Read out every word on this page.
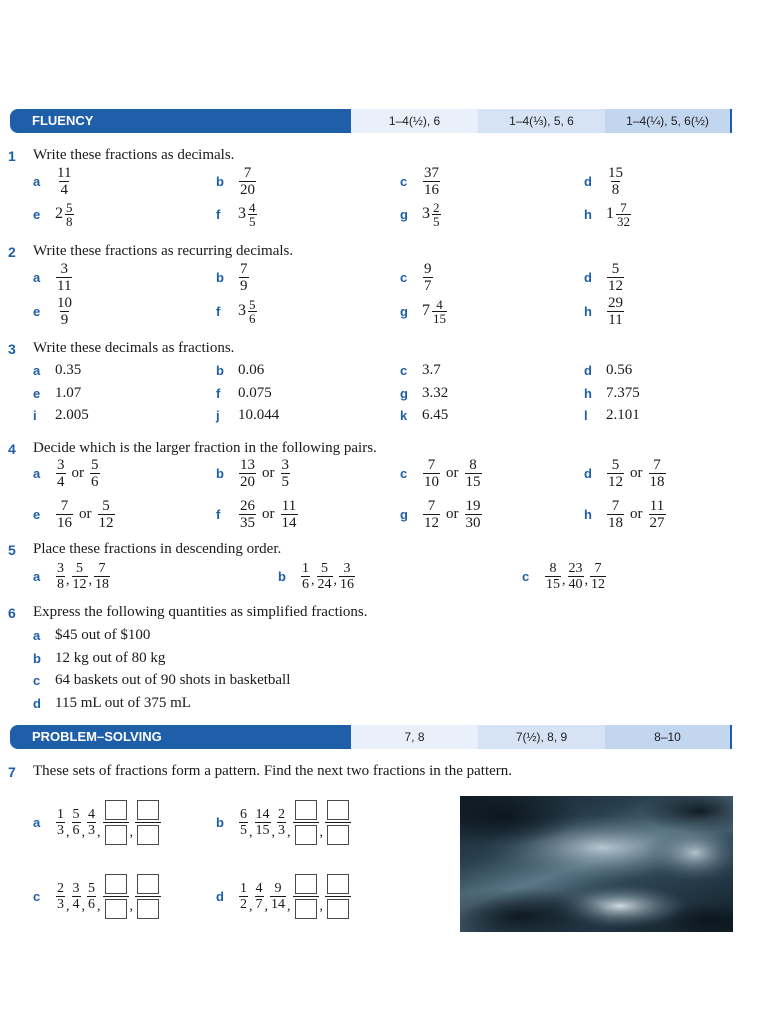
FLUENCY	1–4(½), 6	1–4(⅓), 5, 6	1–4(¼), 5, 6(½)
1	Write these fractions as decimals.
a	$\frac{11}{4}$	b	$\frac{7}{20}$	c	$\frac{37}{16}$	d	$\frac{15}{8}$
e $2 \frac{5}{8}$	f	$3 \frac{4}{5}$	g $3 \frac{2}{5}$	h $1 \frac{7}{32}$
2	Write these fractions as recurring decimals.
a	$\frac{3}{11}$	b	$\frac{7}{9}$	c	$\frac{9}{7}$	d	$\frac{5}{12}$
e	$\frac{10}{9}$	f	$3 \frac{5}{6}$	g $7 \frac{4}{15}$	h	$\frac{29}{11}$
3	Write these decimals as fractions.
a 0.35	b 0.06	c 3.7	d 0.56
e 1.07	f	0.075	g 3.32	h 7.375
i	2.005	j	10.044	k 6.45	l	2.101
4	Decide which is the larger fraction in the following pairs.
a	$\frac{3}{4}$ or $\frac{5}{6}$	b	$\frac{13}{20}$ or $\frac{3}{5}$	c	$\frac{7}{10}$ or $\frac{8}{15}$	d	$\frac{5}{12}$ or $\frac{7}{18}$
e	$\frac{7}{16}$ or $\frac{5}{12}$	f	$\frac{26}{35}$ or $\frac{11}{14}$	g	$\frac{7}{12}$ or $\frac{19}{30}$	h	$\frac{7}{18}$ or $\frac{11}{27}$
5	Place these fractions in descending order.
a	$\frac{3}{8}$ , $\frac{5}{12}$ , $\frac{7}{18}$	b	$\frac{1}{6}$ , $\frac{5}{24}$ , $\frac{3}{16}$	c	$\frac{8}{15}$ , $\frac{23}{40}$ , $\frac{7}{12}$
6	Express the following quantities as simplified fractions.
a $45 out of $100
b 12 kg out of 80 kg
c 64 baskets out of 90 shots in basketball
d 115 mL out of 375 mL
PROBLEM–SOLVING	7, 8	7(½), 8, 9	8–10
7	These sets of fractions form a pattern. Find the next two fractions in the pattern.
a	$\frac{1}{3}$ , $\frac{5}{6}$ , $\frac{4}{3}$ , ,
b	$\frac{6}{5}$ , $\frac{14}{15}$ , $\frac{2}{3}$ , ,
c	$\frac{2}{3}$ , $\frac{3}{4}$ , $\frac{5}{6}$ , ,
d	$\frac{1}{2}$ , $\frac{4}{7}$ , $\frac{9}{14}$ , ,
